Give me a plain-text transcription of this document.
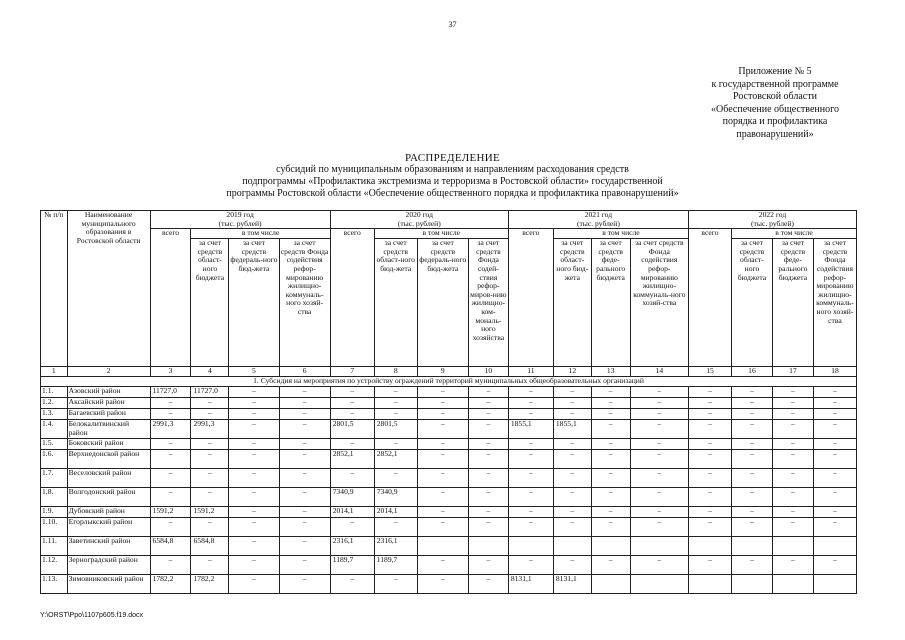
37
Приложение № 5
к государственной программе
Ростовской области
«Обеспечение общественного
порядка и профилактика
правонарушений»
РАСПРЕДЕЛЕНИЕ
субсидий по муниципальным образованиям и направлениям расходования средств
подпрограммы «Профилактика экстремизма и терроризма в Ростовской области» государственной
программы Ростовской области «Обеспечение общественного порядка и профилактика правонарушений»
№ п/п	Наименование муниципального образования в Ростовской области	2019 год
(тыс. рублей)				2020 год
(тыс. рублей)				2021 год
(тыс. рублей)				2022 год
(тыс. рублей)			
		всего	в том числе			всего	в том числе			всего	в том числе			всего	в том числе		
			за счет средств област-ного бюджета	за счет средств федераль-ного бюд-жета	за счет средств Фонда содействия рефор-мированию жилищно-коммуналь-ного хозяй-ства		за счет средств област-ного бюд-жета	за счет средств федераль-ного бюд-жета	за счет средств Фонда содей-ствия рефор-миров-нию жилищно-ком-мональ-ного хозяйства		за счет средств област-ного бюд-жета	за счет средств феде-рального бюджета	за счет средств Фонда содействия рефор-мированию жилищно-коммуналь-ного хозяй-ства		за счет средств област-ного бюджета	за счет средств феде-рального бюджета	за счет средств Фонда содействия рефор-мированию жилищно-коммуналь-ного хозяй-ства
1	2	3	4	5	6	7	8	9	10	11	12	13	14	15	16	17	18
1. Субсидия на мероприятия по устройству ограждений территорий муниципальных общеобразовательных организаций																	
1.1.	Азовский район	11727,0	11727,0	–	–	–	–	–	–	–	–	–	–	–	–	–	–
1.2.	Аксайский район	–	–	–	–	–	–	–	–	–	–	–	–	–	–	–	–
1.3.	Багаевский район	–	–	–	–	–	–	–	–	–	–	–	–	–	–	–	–
1.4.	Белокалитвинский район	2991,3	2991,3	–	–	2801,5	2801,5	–	–	1855,1	1855,1	–	–	–	–	–	–
1.5.	Боковский район	–	–	–	–	–	–	–	–	–	–	–	–	–	–	–	–
1.6.	Верхнедонской район	–	–	–	–	2852,1	2852,1	–	–	–	–	–	–	–	–	–	–
1.7.	Веселовский район	–	–	–	–	–	–	–	–	–	–	–	–	–	–	–	–
1.8.	Волгодонский район	–	–	–	–	7340,9	7340,9	–	–	–	–	–	–	–	–	–	–
1.9.	Дубовский район	1591,2	1591,2	–	–	2014,1	2014,1	–	–	–	–	–	–	–	–	–	–
1.10.	Егорлыкский район	–	–	–	–	–	–	–	–	–	–	–	–	–	–	–	–
1.11.	Заветинский район	6584,8	6584,8	–	–	2316,1	2316,1										
1.12.	Зерноградский район	–	–	–	–	1189,7	1189,7	–	–	–	–	–	–	–	–	–	–
1.13.	Зимовниковский район	1782,2	1782,2	–	–	–	–	–	–	8131,1	8131,1						
Y:\ORST\Ppo\1107p605.f19.docx
